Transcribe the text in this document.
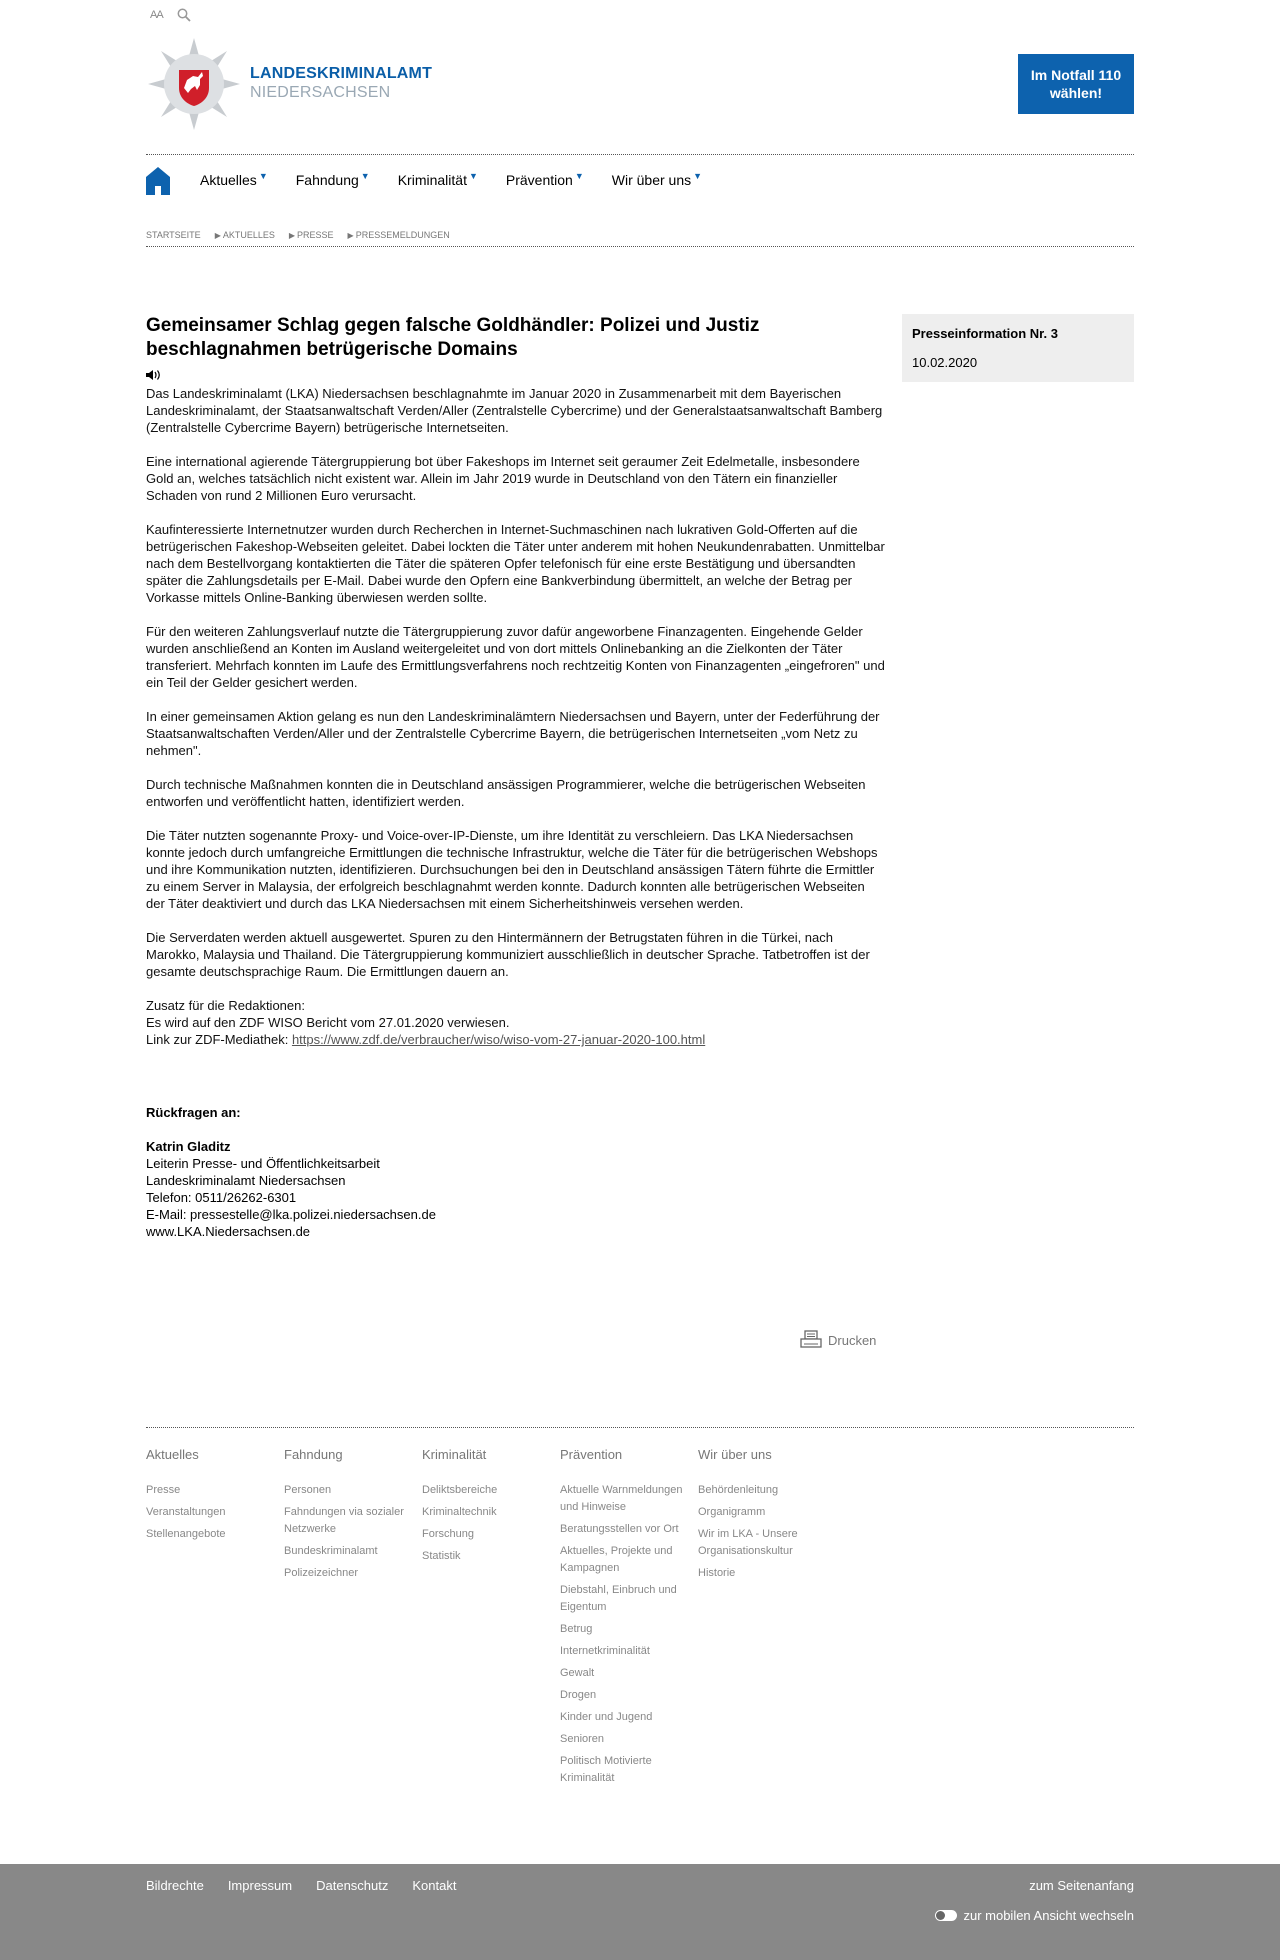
AA
LANDESKRIMINALAMT
NIEDERSACHSEN
Im Notfall 110
wählen!
Aktuelles ▼ Fahndung ▼ Kriminalität ▼ Prävention ▼ Wir über uns ▼
STARTSEITE ▶ AKTUELLES ▶ PRESSE ▶ PRESSEMELDUNGEN
Gemeinsamer Schlag gegen falsche Goldhändler: Polizei und Justiz beschlagnahmen betrügerische Domains

Das Landeskriminalamt (LKA) Niedersachsen beschlagnahmte im Januar 2020 in Zusammenarbeit mit dem Bayerischen Landeskriminalamt, der Staatsanwaltschaft Verden/Aller (Zentralstelle Cybercrime) und der Generalstaatsanwaltschaft Bamberg (Zentralstelle Cybercrime Bayern) betrügerische Internetseiten.

Eine international agierende Tätergruppierung bot über Fakeshops im Internet seit geraumer Zeit Edelmetalle, insbesondere Gold an, welches tatsächlich nicht existent war. Allein im Jahr 2019 wurde in Deutschland von den Tätern ein finanzieller Schaden von rund 2 Millionen Euro verursacht.

Kaufinteressierte Internetnutzer wurden durch Recherchen in Internet-Suchmaschinen nach lukrativen Gold-Offerten auf die betrügerischen Fakeshop-Webseiten geleitet. Dabei lockten die Täter unter anderem mit hohen Neukundenrabatten. Unmittelbar nach dem Bestellvorgang kontaktierten die Täter die späteren Opfer telefonisch für eine erste Bestätigung und übersandten später die Zahlungsdetails per E-Mail. Dabei wurde den Opfern eine Bankverbindung übermittelt, an welche der Betrag per Vorkasse mittels Online-Banking überwiesen werden sollte.

Für den weiteren Zahlungsverlauf nutzte die Tätergruppierung zuvor dafür angeworbene Finanzagenten. Eingehende Gelder wurden anschließend an Konten im Ausland weitergeleitet und von dort mittels Onlinebanking an die Zielkonten der Täter transferiert. Mehrfach konnten im Laufe des Ermittlungsverfahrens noch rechtzeitig Konten von Finanzagenten „eingefroren" und ein Teil der Gelder gesichert werden.

In einer gemeinsamen Aktion gelang es nun den Landeskriminalämtern Niedersachsen und Bayern, unter der Federführung der Staatsanwaltschaften Verden/Aller und der Zentralstelle Cybercrime Bayern, die betrügerischen Internetseiten „vom Netz zu nehmen".

Durch technische Maßnahmen konnten die in Deutschland ansässigen Programmierer, welche die betrügerischen Webseiten entworfen und veröffentlicht hatten, identifiziert werden.

Die Täter nutzten sogenannte Proxy- und Voice-over-IP-Dienste, um ihre Identität zu verschleiern. Das LKA Niedersachsen konnte jedoch durch umfangreiche Ermittlungen die technische Infrastruktur, welche die Täter für die betrügerischen Webshops und ihre Kommunikation nutzten, identifizieren. Durchsuchungen bei den in Deutschland ansässigen Tätern führte die Ermittler zu einem Server in Malaysia, der erfolgreich beschlagnahmt werden konnte. Dadurch konnten alle betrügerischen Webseiten der Täter deaktiviert und durch das LKA Niedersachsen mit einem Sicherheitshinweis versehen werden.

Die Serverdaten werden aktuell ausgewertet. Spuren zu den Hintermännern der Betrugstaten führen in die Türkei, nach Marokko, Malaysia und Thailand. Die Tätergruppierung kommuniziert ausschließlich in deutscher Sprache. Tatbetroffen ist der gesamte deutschsprachige Raum. Die Ermittlungen dauern an.

Zusatz für die Redaktionen:
Es wird auf den ZDF WISO Bericht vom 27.01.2020 verwiesen.
Link zur ZDF-Mediathek: https://www.zdf.de/verbraucher/wiso/wiso-vom-27-januar-2020-100.html
Rückfragen an:
Katrin Gladitz
Leiterin Presse- und Öffentlichkeitsarbeit
Landeskriminalamt Niedersachsen
Telefon: 0511/26262-6301
E-Mail: pressestelle@lka.polizei.niedersachsen.de
www.LKA.Niedersachsen.de
Presseinformation Nr. 3
10.02.2020
Drucken
Aktuelles
Presse
Veranstaltungen
Stellenangebote
Fahndung
Personen
Fahndungen via sozialer Netzwerke
Bundeskriminalamt
Polizeizeichner
Kriminalität
Deliktsbereiche
Kriminaltechnik
Forschung
Statistik
Prävention
Aktuelle Warnmeldungen und Hinweise
Beratungsstellen vor Ort
Aktuelles, Projekte und Kampagnen
Diebstahl, Einbruch und Eigentum
Betrug
Internetkriminalität
Gewalt
Drogen
Kinder und Jugend
Senioren
Politisch Motivierte Kriminalität
Wir über uns
Behördenleitung
Organigramm
Wir im LKA - Unsere Organisationskultur
Historie
Bildrechte Impressum Datenschutz Kontakt	zum Seitenanfang
zur mobilen Ansicht wechseln
